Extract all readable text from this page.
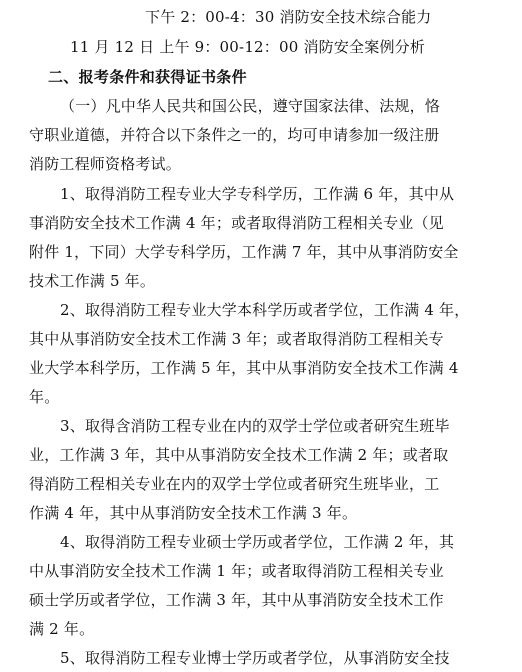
下午 2：00-4：30 消防安全技术综合能力
11 月 12 日 上午 9：00-12：00 消防安全案例分析
二、报考条件和获得证书条件
（一）凡中华人民共和国公民，遵守国家法律、法规，恪
守职业道德，并符合以下条件之一的，均可申请参加一级注册
消防工程师资格考试。
1、取得消防工程专业大学专科学历，工作满 6 年，其中从
事消防安全技术工作满 4 年；或者取得消防工程相关专业（见
附件 1，下同）大学专科学历，工作满 7 年，其中从事消防安全
技术工作满 5 年。
2、取得消防工程专业大学本科学历或者学位，工作满 4 年，
其中从事消防安全技术工作满 3 年；或者取得消防工程相关专
业大学本科学历，工作满 5 年，其中从事消防安全技术工作满 4
年。
3、取得含消防工程专业在内的双学士学位或者研究生班毕
业，工作满 3 年，其中从事消防安全技术工作满 2 年；或者取
得消防工程相关专业在内的双学士学位或者研究生班毕业，工
作满 4 年，其中从事消防安全技术工作满 3 年。
4、取得消防工程专业硕士学历或者学位，工作满 2 年，其
中从事消防安全技术工作满 1 年；或者取得消防工程相关专业
硕士学历或者学位，工作满 3 年，其中从事消防安全技术工作
满 2 年。
5、取得消防工程专业博士学历或者学位，从事消防安全技
